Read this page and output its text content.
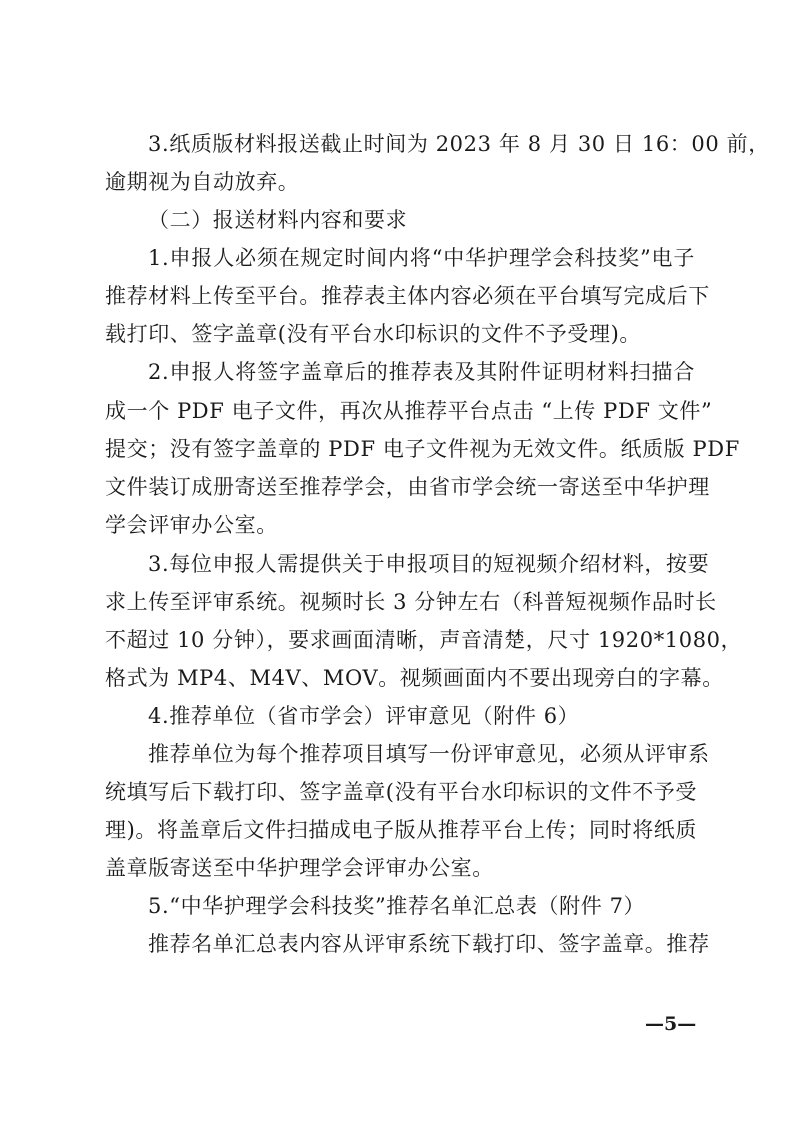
3.纸质版材料报送截止时间为 2023 年 8 月 30 日 16：00 前，
逾期视为自动放弃。
（二）报送材料内容和要求
1.申报人必须在规定时间内将“中华护理学会科技奖”电子
推荐材料上传至平台。推荐表主体内容必须在平台填写完成后下
载打印、签字盖章(没有平台水印标识的文件不予受理)。
2.申报人将签字盖章后的推荐表及其附件证明材料扫描合
成一个 PDF 电子文件，再次从推荐平台点击 “上传 PDF 文件”
提交；没有签字盖章的 PDF 电子文件视为无效文件。纸质版 PDF
文件装订成册寄送至推荐学会，由省市学会统一寄送至中华护理
学会评审办公室。
3.每位申报人需提供关于申报项目的短视频介绍材料，按要
求上传至评审系统。视频时长 3 分钟左右（科普短视频作品时长
不超过 10 分钟），要求画面清晰，声音清楚，尺寸 1920*1080，
格式为 MP4、M4V、MOV。视频画面内不要出现旁白的字幕。
4.推荐单位（省市学会）评审意见（附件 6）
推荐单位为每个推荐项目填写一份评审意见，必须从评审系
统填写后下载打印、签字盖章(没有平台水印标识的文件不予受
理)。将盖章后文件扫描成电子版从推荐平台上传；同时将纸质
盖章版寄送至中华护理学会评审办公室。
5.“中华护理学会科技奖”推荐名单汇总表（附件 7）
推荐名单汇总表内容从评审系统下载打印、签字盖章。推荐
—5—
